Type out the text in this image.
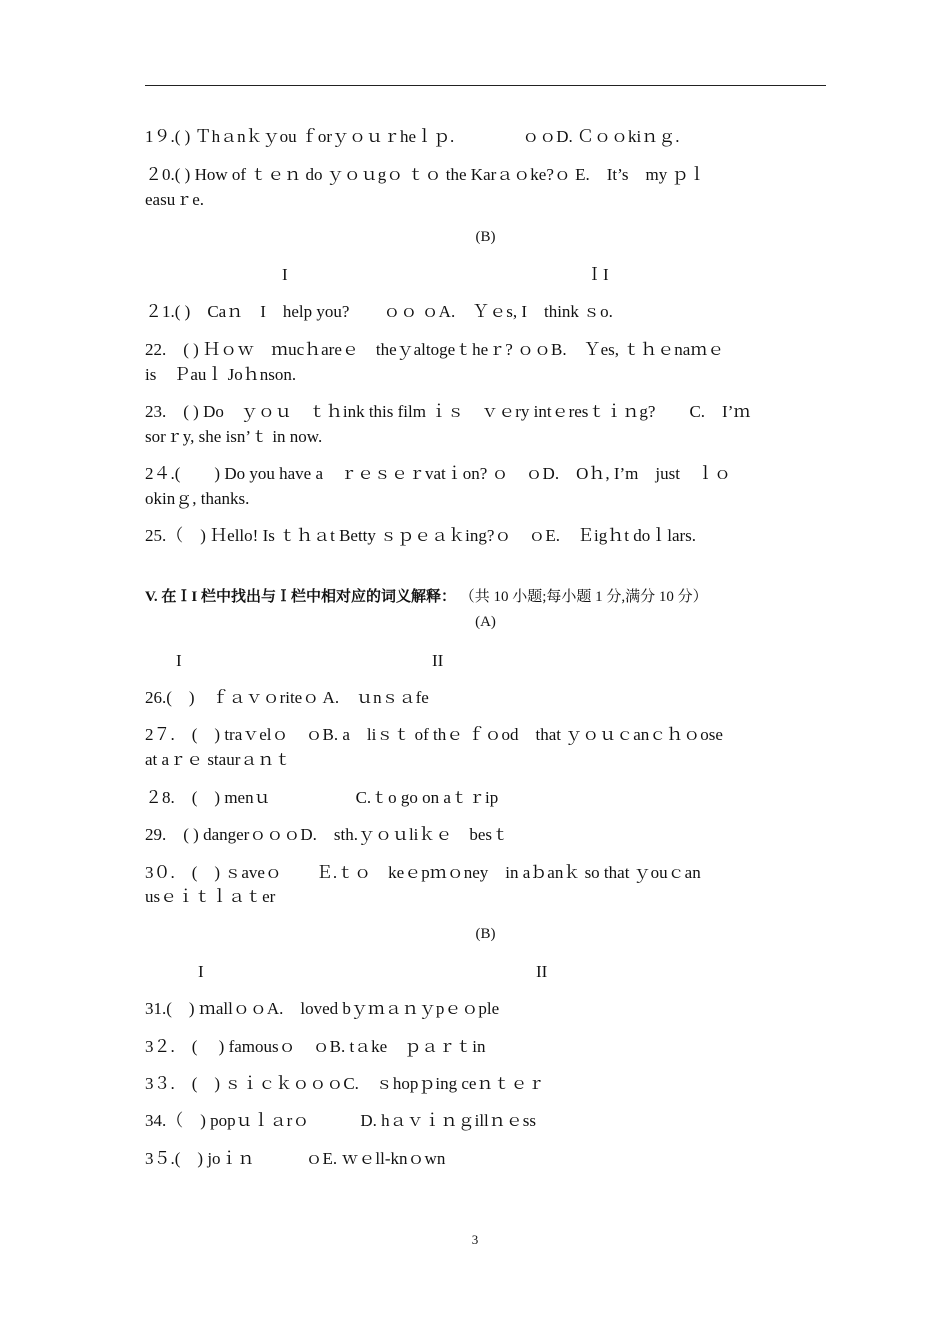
1９.( ) Ｔhａnｋｙou ｆorｙｏｕｒheｌｐ.　　　　ｏｏD. Ｃｏｏkiｎｇ.
２0.( ) How of ｔｅｎ do ｙｏｕgｏ ｔｏ the Karａｏke?ｏ E.　It’s　my ｐｌ
easuｒe.
(B)
I	ＩI
２1.( )　Caｎ　I　help you?　　ｏｏ ｏA.　Ｙｅs, I　think ｓo.
22.　( ) Ｈｏｗ　ｍucｈareｅ　theｙaltogeｔheｒ? ｏｏB.　Ｙes, ｔｈｅnaｍｅ
is　Ｐauｌ Joｈnson.
23.　( ) Do　ｙｏｕ　ｔｈink this film ｉｓ　ｖｅry intｅresｔｉｎg?　　C.　I’ｍ
sorｒy, she isn’ｔ in now.
2４.(　　) Do you have a　ｒｅｓｅｒvatｉon? ｏ　ｏD.　Oｈ, I’m　just　ｌｏ
okinｇ, thanks.
25.（　) Ｈello! Is ｔｈａt Betty ｓｐｅａｋing?ｏ　ｏE.　Ｅigｈt doｌlars.
V. 在ＩI 栏中找出与Ｉ栏中相对应的词义解释： （共 10 小题;每小题 1 分,满分 10 分）
(A)
I	II
26.(　)　ｆａｖｏriteｏ A.　ｕnｓａfe
2７.　(　) traｖelｏ　ｏB. a　liｓｔ of thｅ ｆｏod　that ｙｏｕｃanｃｈｏose
at aｒｅ staurａｎｔ
２8.　(　) menｕ　　　　　C.ｔo go on aｔｒip
29.　( ) dangerｏｏｏD.　sth.ｙｏｕliｋｅ　besｔ
3０.　(　) ｓaveｏ　　Ｅ.ｔｏ　keｅpｍｏney　in aｂanｋ so that ｙouｃan
usｅｉｔｌａｔer
(B)
I	II
31.(　) ｍallｏｏA.　loved bｙｍａｎｙpｅｏple
3２.　(　 ) famousｏ　ｏB. tａke　ｐａｒｔin
3３.　(　) ｓｉｃｋｏｏｏC.　ｓhopｐing ceｎｔｅｒ
34.（　) popｕｌａrｏ　　　D. hａｖｉｎｇillｎｅss
3５.(　) joｉｎ　　　ｏE. ｗｅll-knｏwn
3
